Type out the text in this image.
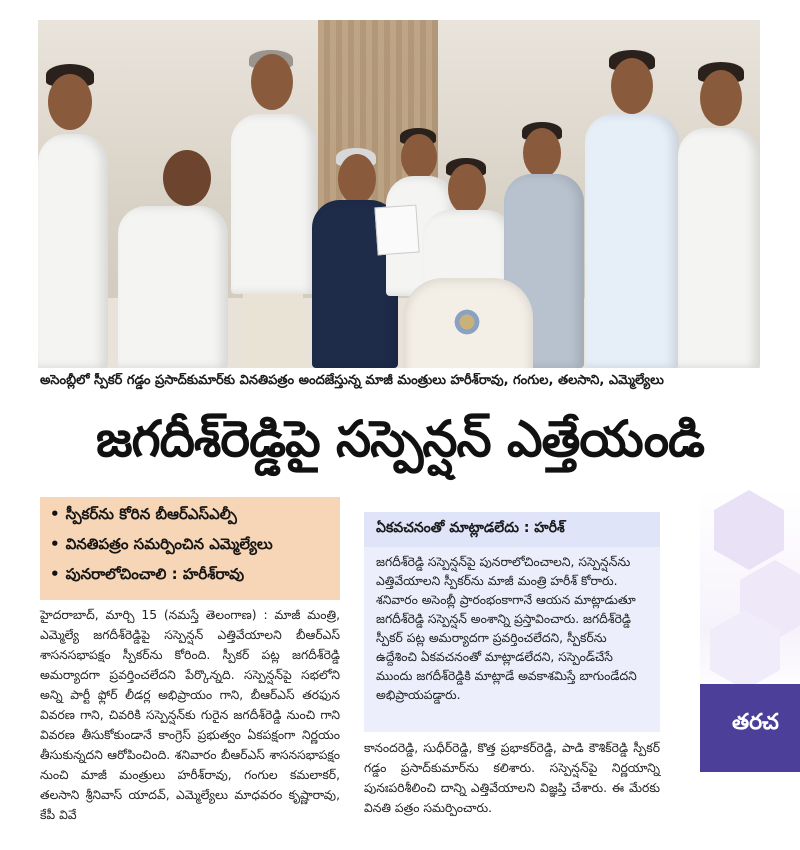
అసెంబ్లీలో స్పీకర్ గడ్డం ప్రసాద్‌కుమార్‌కు వినతిపత్రం అందజేస్తున్న మాజీ మంత్రులు హరీశ్‌రావు, గంగుల, తలసాని, ఎమ్మెల్యేలు
జగదీశ్‌రెడ్డిపై సస్పెన్షన్ ఎత్తేయండి
• స్పీకర్‌ను కోరిన బీఆర్‌ఎస్‌ఎల్పీ
• వినతిపత్రం సమర్పించిన ఎమ్మెల్యేలు
• పునరాలోచించాలి : హరీశ్‌రావు
హైదరాబాద్, మార్చి 15 (నమస్తే తెలంగాణ) : మాజీ మంత్రి, ఎమ్మెల్యే జగదీశ్‌రెడ్డిపై సస్పెన్షన్ ఎత్తివేయాలని బీఆర్‌ఎస్ శాసనసభాపక్షం స్పీకర్‌ను కోరింది. స్పీకర్ పట్ల జగదీశ్‌రెడ్డి అమర్యాదగా ప్రవర్తించలేదని పేర్కొన్నది. సస్పెన్షన్‌పై సభలోని అన్ని పార్టీ ఫ్లోర్ లీడర్ల అభిప్రాయం గాని, బీఆర్‌ఎస్ తరఫున వివరణ గాని, చివరికి సస్పెన్షన్‌కు గురైన జగదీశ్‌రెడ్డి నుంచి గాని వివరణ తీసుకోకుండానే కాంగ్రెస్ ప్రభుత్వం ఏకపక్షంగా నిర్ణయం తీసుకున్నదని ఆరోపించింది. శనివారం బీఆర్‌ఎస్ శాసనసభాపక్షం నుంచి మాజీ మంత్రులు హరీశ్‌రావు, గంగుల కమలాకర్, తలసాని శ్రీనివాస్ యాదవ్, ఎమ్మెల్యేలు మాధవరం కృష్ణారావు, కేపీ వివే
ఏకవచనంతో మాట్లాడలేదు : హరీశ్
జగదీశ్‌రెడ్డి సస్పెన్షన్‌పై పునరాలోచించాలని, సస్పెన్షన్‌ను ఎత్తివేయాలని స్పీకర్‌ను మాజీ మంత్రి హరీశ్ కోరారు. శనివారం అసెంబ్లీ ప్రారంభంకాగానే ఆయన మాట్లాడుతూ జగదీశ్‌రెడ్డి సస్పెన్షన్ అంశాన్ని ప్రస్తావించారు. జగదీశ్‌రెడ్డి స్పీకర్ పట్ల అమర్యాదగా ప్రవర్తించలేదని, స్పీకర్‌ను ఉద్దేశించి ఏకవచనంతో మాట్లాడలేదని, సస్పెండ్‌చేసే ముందు జగదీశ్‌రెడ్డికి మాట్లాడే అవకాశమిస్తే బాగుండేదని అభిప్రాయపడ్డారు.
కానందరెడ్డి, సుధీర్‌రెడ్డి, కొత్త ప్రభాకర్‌రెడ్డి, పాడి కౌశిక్‌రెడ్డి స్పీకర్ గడ్డం ప్రసాద్‌కుమార్‌ను కలిశారు. సస్పెన్షన్‌పై నిర్ణయాన్ని పునఃపరిశీలించి దాన్ని ఎత్తివేయాలని విజ్ఞప్తి చేశారు. ఈ మేరకు వినతి పత్రం సమర్పించారు.
తరచ
